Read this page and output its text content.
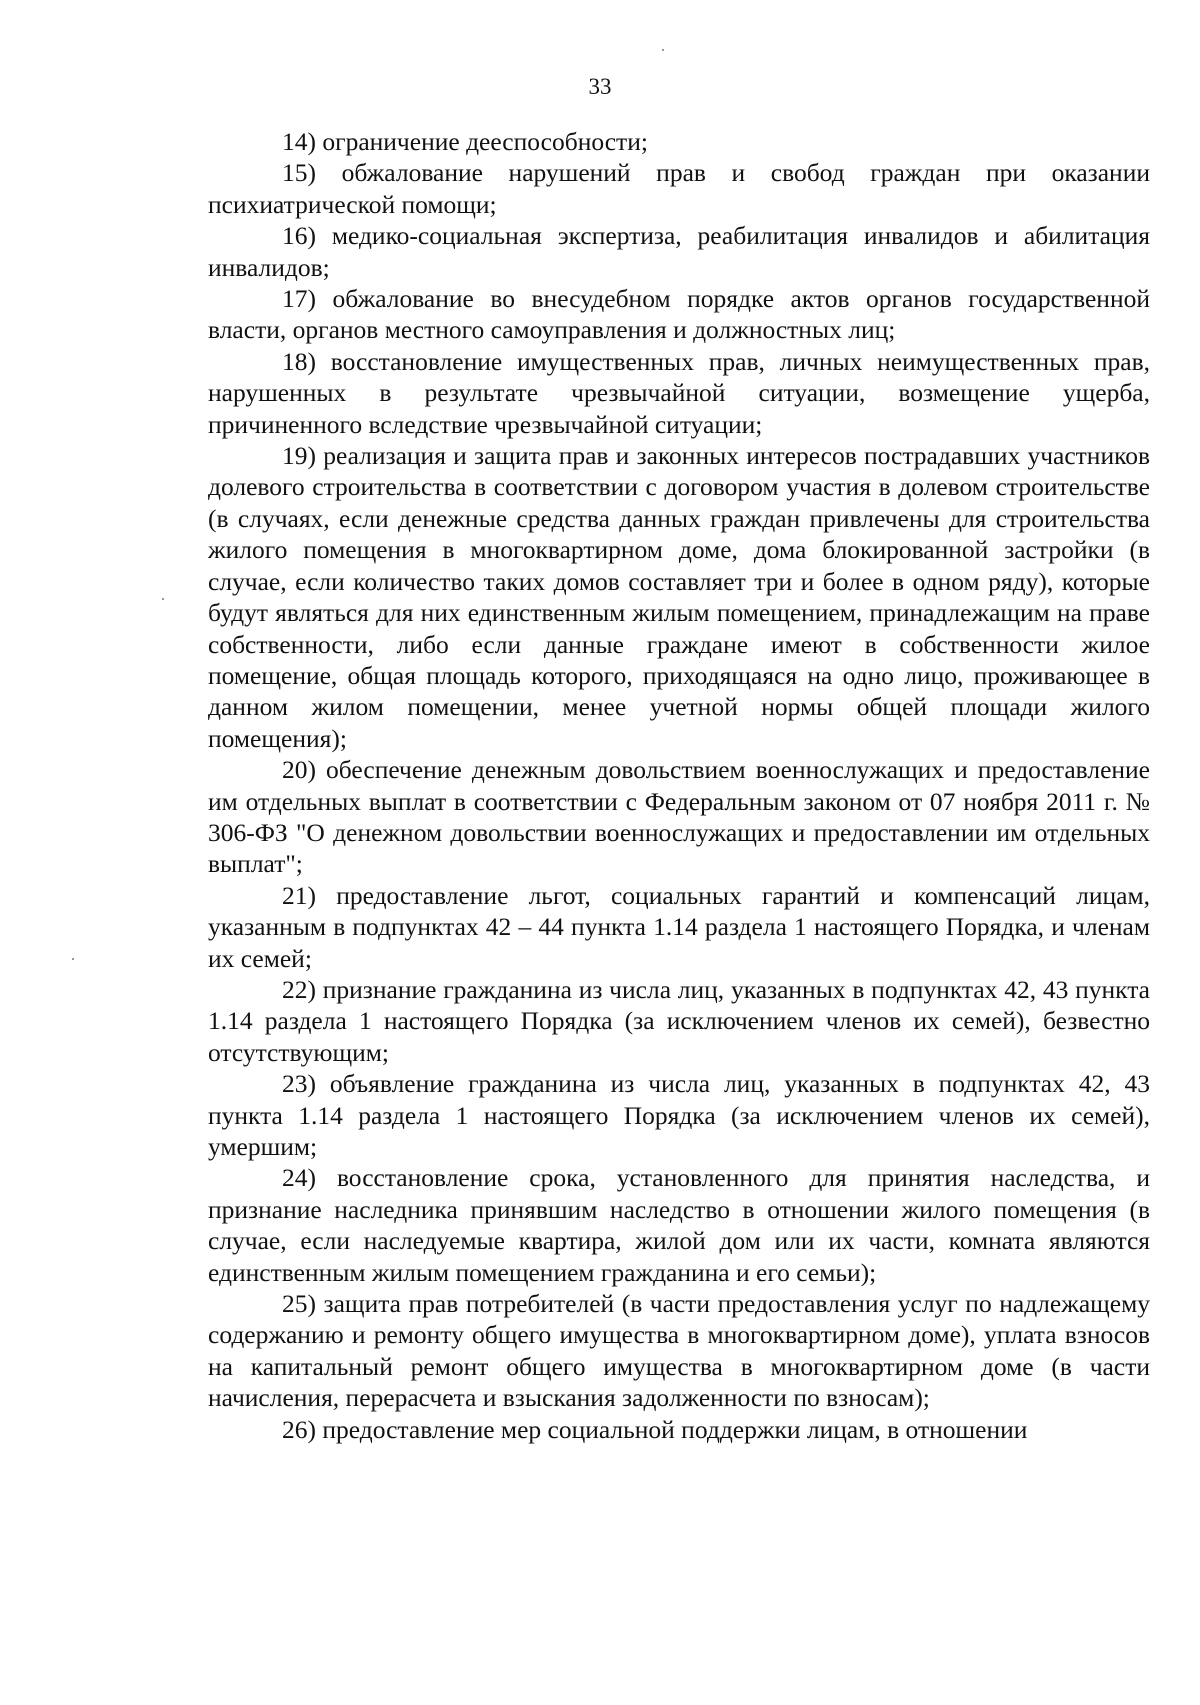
33

14) ограничение дееспособности;

15) обжалование нарушений прав и свобод граждан при оказании психиатрической помощи;

16) медико-социальная экспертиза, реабилитация инвалидов и абилитация инвалидов;

17) обжалование во внесудебном порядке актов органов государственной власти, органов местного самоуправления и должностных лиц;

18) восстановление имущественных прав, личных неимущественных прав, нарушенных в результате чрезвычайной ситуации, возмещение ущерба, причиненного вследствие чрезвычайной ситуации;

19) реализация и защита прав и законных интересов пострадавших участников долевого строительства в соответствии с договором участия в долевом строительстве (в случаях, если денежные средства данных граждан привлечены для строительства жилого помещения в многоквартирном доме, дома блокированной застройки (в случае, если количество таких домов составляет три и более в одном ряду), которые будут являться для них единственным жилым помещением, принадлежащим на праве собственности, либо если данные граждане имеют в собственности жилое помещение, общая площадь которого, приходящаяся на одно лицо, проживающее в данном жилом помещении, менее учетной нормы общей площади жилого помещения);

20) обеспечение денежным довольствием военнослужащих и предоставление им отдельных выплат в соответствии с Федеральным законом от 07 ноября 2011 г. № 306-ФЗ "О денежном довольствии военнослужащих и предоставлении им отдельных выплат";

21) предоставление льгот, социальных гарантий и компенсаций лицам, указанным в подпунктах 42 – 44 пункта 1.14 раздела 1 настоящего Порядка, и членам их семей;

22) признание гражданина из числа лиц, указанных в подпунктах 42, 43 пункта 1.14 раздела 1 настоящего Порядка (за исключением членов их семей), безвестно отсутствующим;

23) объявление гражданина из числа лиц, указанных в подпунктах 42, 43 пункта 1.14 раздела 1 настоящего Порядка (за исключением членов их семей), умершим;

24) восстановление срока, установленного для принятия наследства, и признание наследника принявшим наследство в отношении жилого помещения (в случае, если наследуемые квартира, жилой дом или их части, комната являются единственным жилым помещением гражданина и его семьи);

25) защита прав потребителей (в части предоставления услуг по надлежащему содержанию и ремонту общего имущества в многоквартирном доме), уплата взносов на капитальный ремонт общего имущества в многоквартирном доме (в части начисления, перерасчета и взыскания задолженности по взносам);

26) предоставление мер социальной поддержки лицам, в отношении
